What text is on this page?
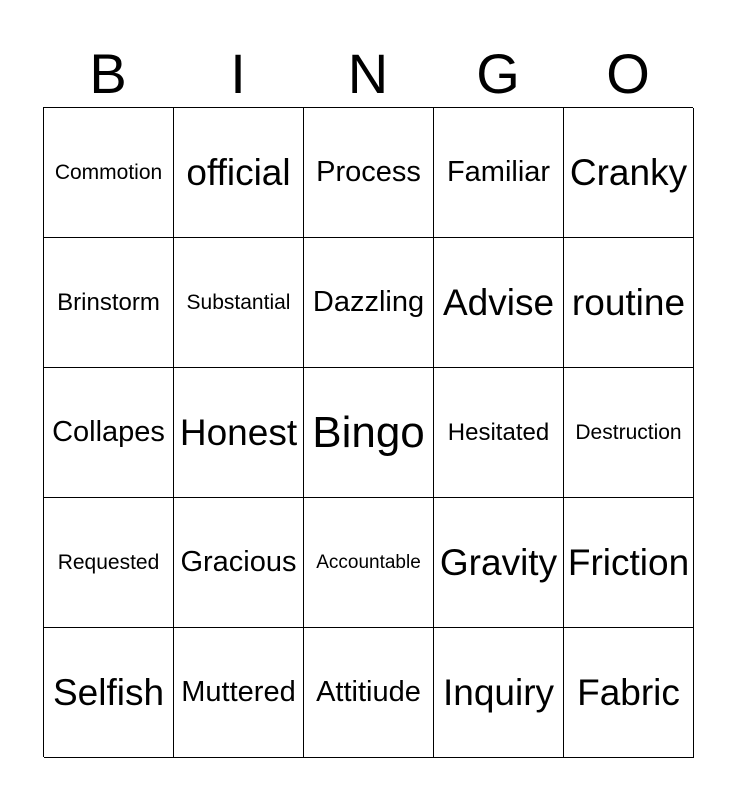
B	I	N	G	O
Commotion official Process Familiar Cranky
Brinstorm	Substantial Dazzling Advise routine
Collapes Honest Bingo Hesitated	Destruction
Requested Gracious	Accountable Gravity Friction
Selfish Muttered Attitiude Inquiry Fabric
